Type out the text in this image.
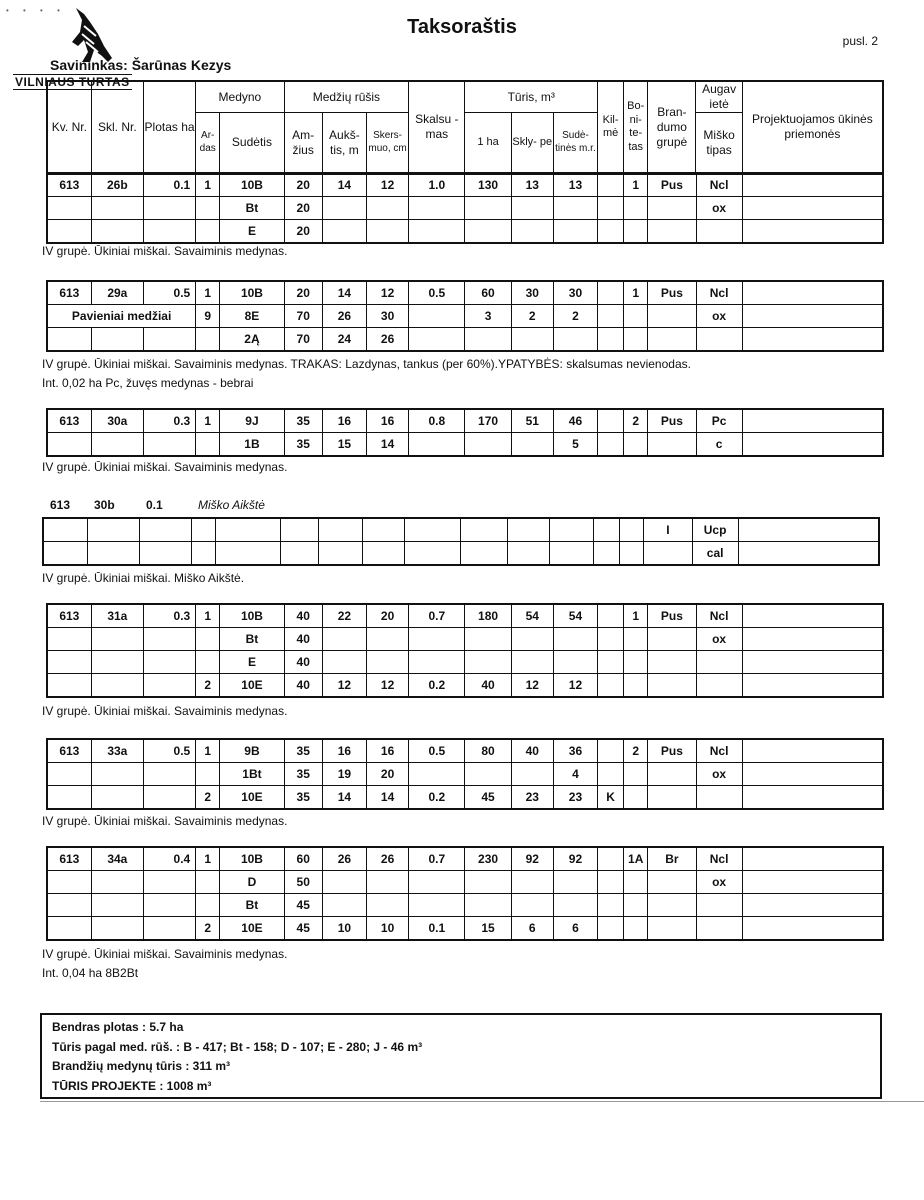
• • • •
Taksoraštis
pusl. 2
Savininkas: Šarūnas Kezys
VILNIAUS TURTAS
Kv. Nr.	Skl. Nr.	Plotas ha	Medyno		Medžių rūšis			Skalsu - mas	Tūris, m³			Kil- mė	Bo- ni- te- tas	Bran- dumo grupė	Augav ietė	Projektuojamos ūkinės priemonės
			Ar- das	Sudėtis	Am- žius	Aukš- tis, m	Skers- muo, cm		1 ha	Skly- pe	Sudė- tinės m.r.				Miško tipas	
613	26b	0.1	1	10B	20	14	12	1.0	130	13	13		1	Pus	Ncl	
				Bt	20										ox	
				E	20											
IV grupė. Ūkiniai miškai. Savaiminis medynas.
613	29a	0.5	1	10B	20	14	12	0.5	60	30	30		1	Pus	Ncl	
Pavieniai medžiai			9	8E	70	26	30		3	2	2				ox	
				2Ą	70	24	26									
IV grupė. Ūkiniai miškai. Savaiminis medynas. TRAKAS: Lazdynas, tankus (per 60%).YPATYBĖS: skalsumas nevienodas.
Int. 0,02 ha Pc, žuvęs medynas - bebrai
613	30a	0.3	1	9J	35	16	16	0.8	170	51	46		2	Pus	Pc	
				1B	35	15	14				5				c	
IV grupė. Ūkiniai miškai. Savaiminis medynas.
613 30b	0.1	Miško Aikštė
														I	Ucp	
															cal	
IV grupė. Ūkiniai miškai. Miško Aikštė.
613	31a	0.3	1	10B	40	22	20	0.7	180	54	54		1	Pus	Ncl	
				Bt	40										ox	
				E	40											
			2	10E	40	12	12	0.2	40	12	12					
IV grupė. Ūkiniai miškai. Savaiminis medynas.
613	33a	0.5	1	9B	35	16	16	0.5	80	40	36		2	Pus	Ncl	
				1Bt	35	19	20				4				ox	
			2	10E	35	14	14	0.2	45	23	23	K				
IV grupė. Ūkiniai miškai. Savaiminis medynas.
613	34a	0.4	1	10B	60	26	26	0.7	230	92	92		1A	Br	Ncl	
				D	50										ox	
				Bt	45											
			2	10E	45	10	10	0.1	15	6	6					
IV grupė. Ūkiniai miškai. Savaiminis medynas.
Int. 0,04 ha 8B2Bt
Bendras plotas : 5.7 ha
Tūris pagal med. rūš. : B - 417; Bt - 158; D - 107; E - 280; J - 46 m³
Brandžių medynų tūris : 311 m³
TŪRIS PROJEKTE : 1008 m³
